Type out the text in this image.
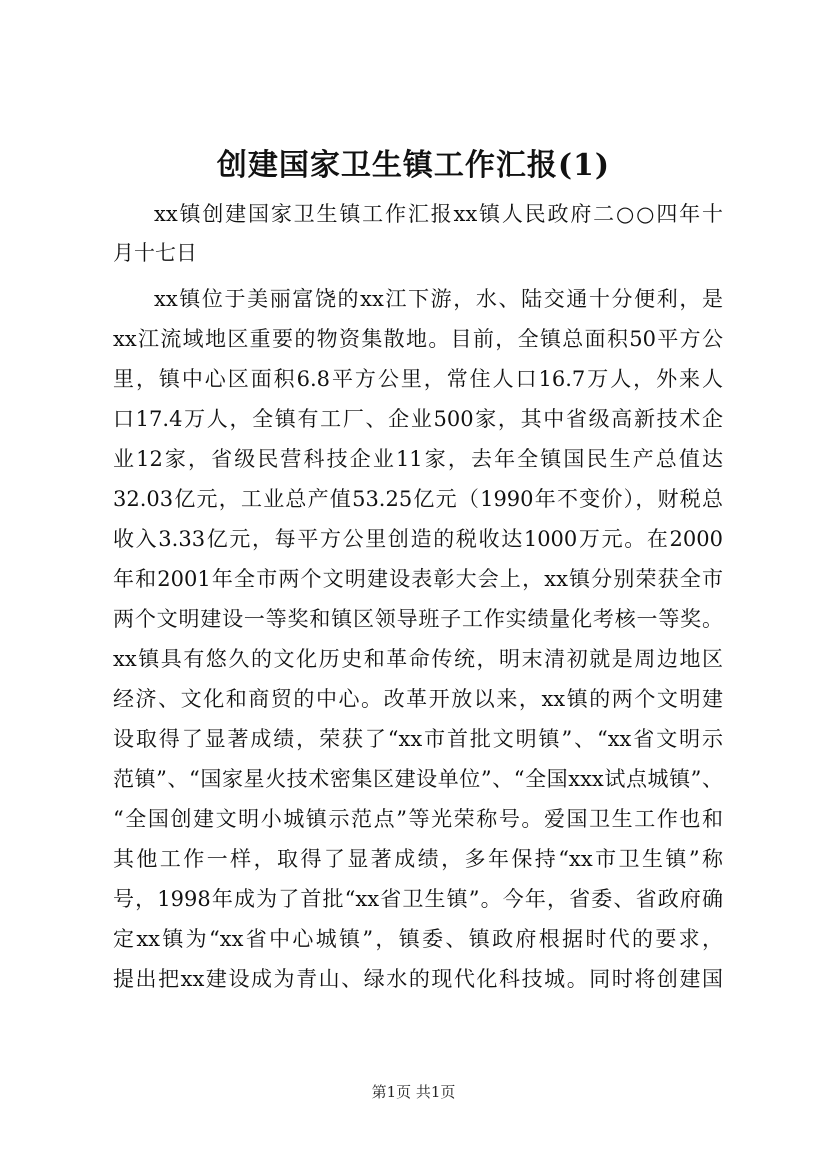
创建国家卫生镇工作汇报(1)
xx镇创建国家卫生镇工作汇报xx镇人民政府二○○四年十
月十七日
xx镇位于美丽富饶的xx江下游，水、陆交通十分便利，是
xx江流域地区重要的物资集散地。目前，全镇总面积50平方公
里，镇中心区面积6.8平方公里，常住人口16.7万人，外来人
口17.4万人，全镇有工厂、企业500家，其中省级高新技术企
业12家，省级民营科技企业11家，去年全镇国民生产总值达
32.03亿元，工业总产值53.25亿元（1990年不变价），财税总
收入3.33亿元，每平方公里创造的税收达1000万元。在2000
年和2001年全市两个文明建设表彰大会上，xx镇分别荣获全市
两个文明建设一等奖和镇区领导班子工作实绩量化考核一等奖。
xx镇具有悠久的文化历史和革命传统，明末清初就是周边地区
经济、文化和商贸的中心。改革开放以来，xx镇的两个文明建
设取得了显著成绩，荣获了“xx市首批文明镇”、“xx省文明示
范镇”、“国家星火技术密集区建设单位”、“全国xxx试点城镇”、
“全国创建文明小城镇示范点”等光荣称号。爱国卫生工作也和
其他工作一样，取得了显著成绩，多年保持“xx市卫生镇”称
号，1998年成为了首批“xx省卫生镇”。今年，省委、省政府确
定xx镇为“xx省中心城镇”，镇委、镇政府根据时代的要求，
提出把xx建设成为青山、绿水的现代化科技城。同时将创建国
第1页 共1页
